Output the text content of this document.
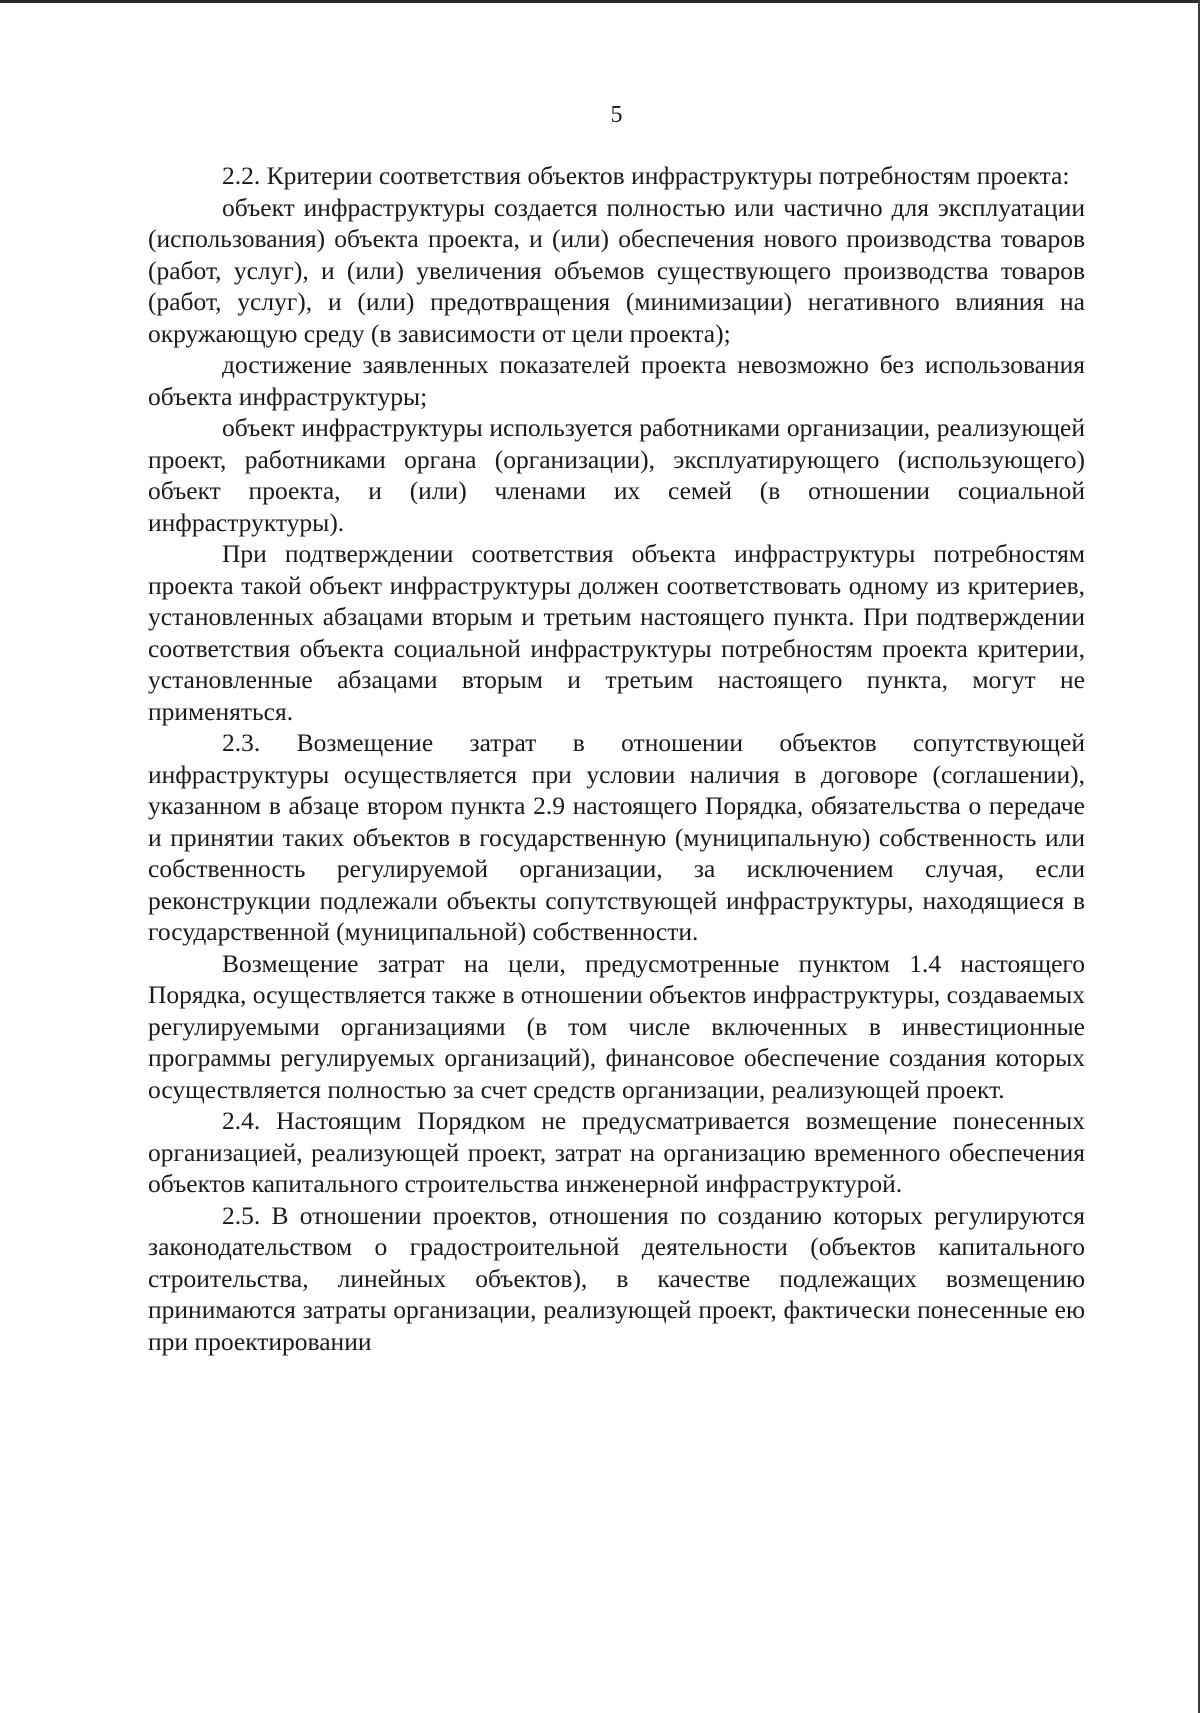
5

2.2. Критерии соответствия объектов инфраструктуры потребностям проекта:

объект инфраструктуры создается полностью или частично для эксплуатации (использования) объекта проекта, и (или) обеспечения нового производства товаров (работ, услуг), и (или) увеличения объемов существующего производства товаров (работ, услуг), и (или) предотвращения (минимизации) негативного влияния на окружающую среду (в зависимости от цели проекта);

достижение заявленных показателей проекта невозможно без использования объекта инфраструктуры;

объект инфраструктуры используется работниками организации, реализующей проект, работниками органа (организации), эксплуатирующего (использующего) объект проекта, и (или) членами их семей (в отношении социальной инфраструктуры).

При подтверждении соответствия объекта инфраструктуры потребностям проекта такой объект инфраструктуры должен соответствовать одному из критериев, установленных абзацами вторым и третьим настоящего пункта. При подтверждении соответствия объекта социальной инфраструктуры потребностям проекта критерии, установленные абзацами вторым и третьим настоящего пункта, могут не применяться.

2.3. Возмещение затрат в отношении объектов сопутствующей инфраструктуры осуществляется при условии наличия в договоре (соглашении), указанном в абзаце втором пункта 2.9 настоящего Порядка, обязательства о передаче и принятии таких объектов в государственную (муниципальную) собственность или собственность регулируемой организации, за исключением случая, если реконструкции подлежали объекты сопутствующей инфраструктуры, находящиеся в государственной (муниципальной) собственности.

Возмещение затрат на цели, предусмотренные пунктом 1.4 настоящего Порядка, осуществляется также в отношении объектов инфраструктуры, создаваемых регулируемыми организациями (в том числе включенных в инвестиционные программы регулируемых организаций), финансовое обеспечение создания которых осуществляется полностью за счет средств организации, реализующей проект.

2.4. Настоящим Порядком не предусматривается возмещение понесенных организацией, реализующей проект, затрат на организацию временного обеспечения объектов капитального строительства инженерной инфраструктурой.

2.5. В отношении проектов, отношения по созданию которых регулируются законодательством о градостроительной деятельности (объектов капитального строительства, линейных объектов), в качестве подлежащих возмещению принимаются затраты организации, реализующей проект, фактически понесенные ею при проектировании
